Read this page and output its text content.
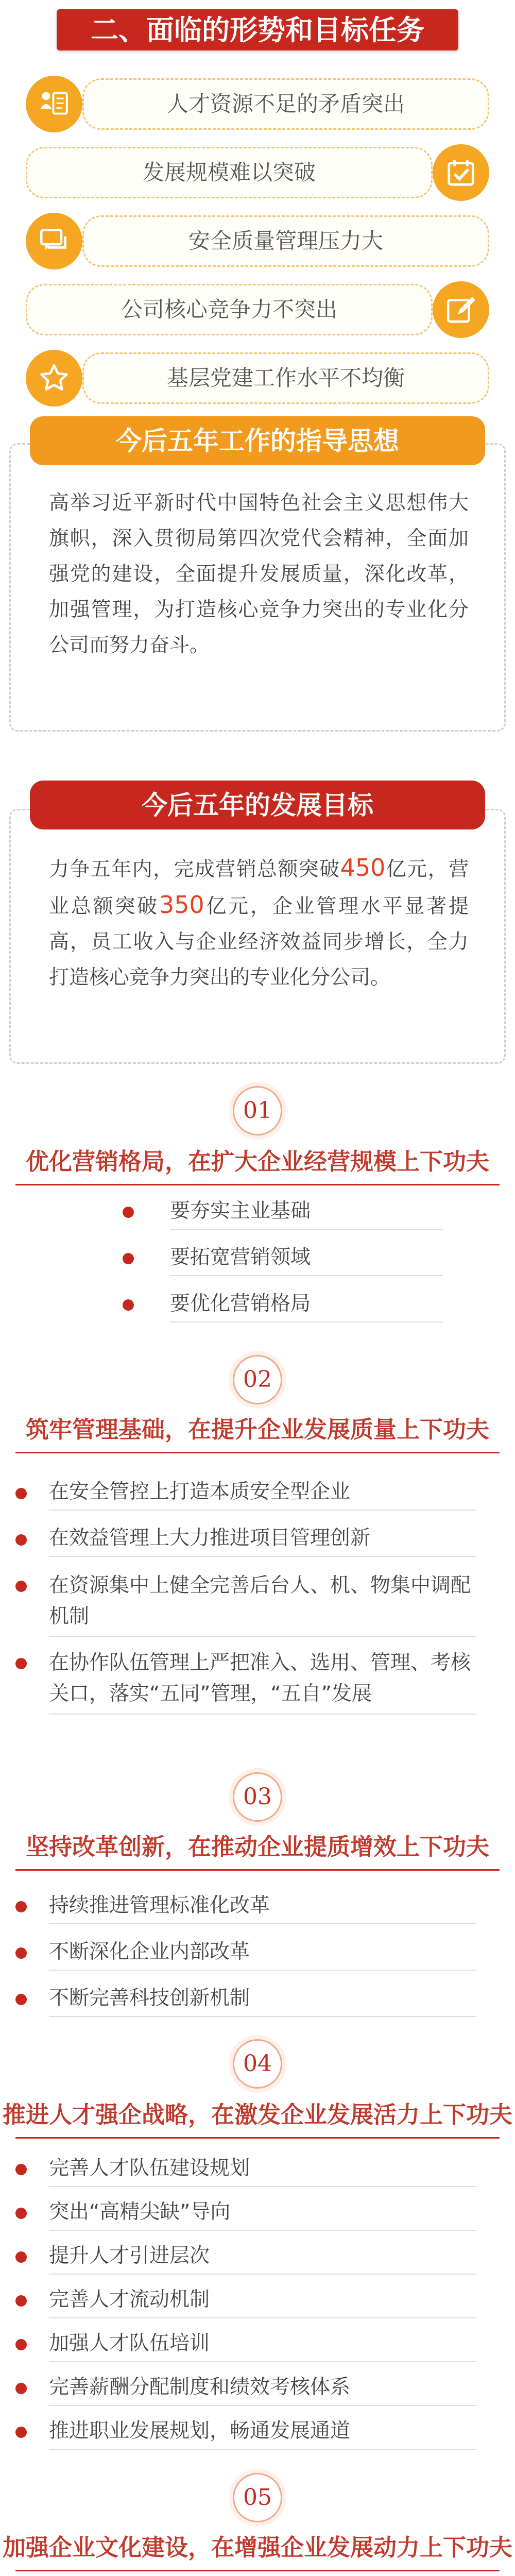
二、面临的形势和目标任务
人才资源不足的矛盾突出
发展规模难以突破
安全质量管理压力大
公司核心竞争力不突出
基层党建工作水平不均衡
今后五年工作的指导思想
高举习近平新时代中国特色社会主义思想伟大旗帜，深入贯彻局第四次党代会精神，全面加强党的建设，全面提升发展质量，深化改革，加强管理，为打造核心竞争力突出的专业化分公司而努力奋斗。
今后五年的发展目标
力争五年内，完成营销总额突破450亿元，营业总额突破350亿元，企业管理水平显著提高，员工收入与企业经济效益同步增长，全力打造核心竞争力突出的专业化分公司。
01
优化营销格局，在扩大企业经营规模上下功夫
要夯实主业基础
要拓宽营销领域
要优化营销格局
02
筑牢管理基础，在提升企业发展质量上下功夫
在安全管控上打造本质安全型企业
在效益管理上大力推进项目管理创新
在资源集中上健全完善后台人、机、物集中调配机制
在协作队伍管理上严把准入、选用、管理、考核关口，落实“五同”管理，“五自”发展
03
坚持改革创新，在推动企业提质增效上下功夫
持续推进管理标准化改革
不断深化企业内部改革
不断完善科技创新机制
04
推进人才强企战略，在激发企业发展活力上下功夫
完善人才队伍建设规划
突出“高精尖缺”导向
提升人才引进层次
完善人才流动机制
加强人才队伍培训
完善薪酬分配制度和绩效考核体系
推进职业发展规划，畅通发展通道
05
加强企业文化建设，在增强企业发展动力上下功夫
